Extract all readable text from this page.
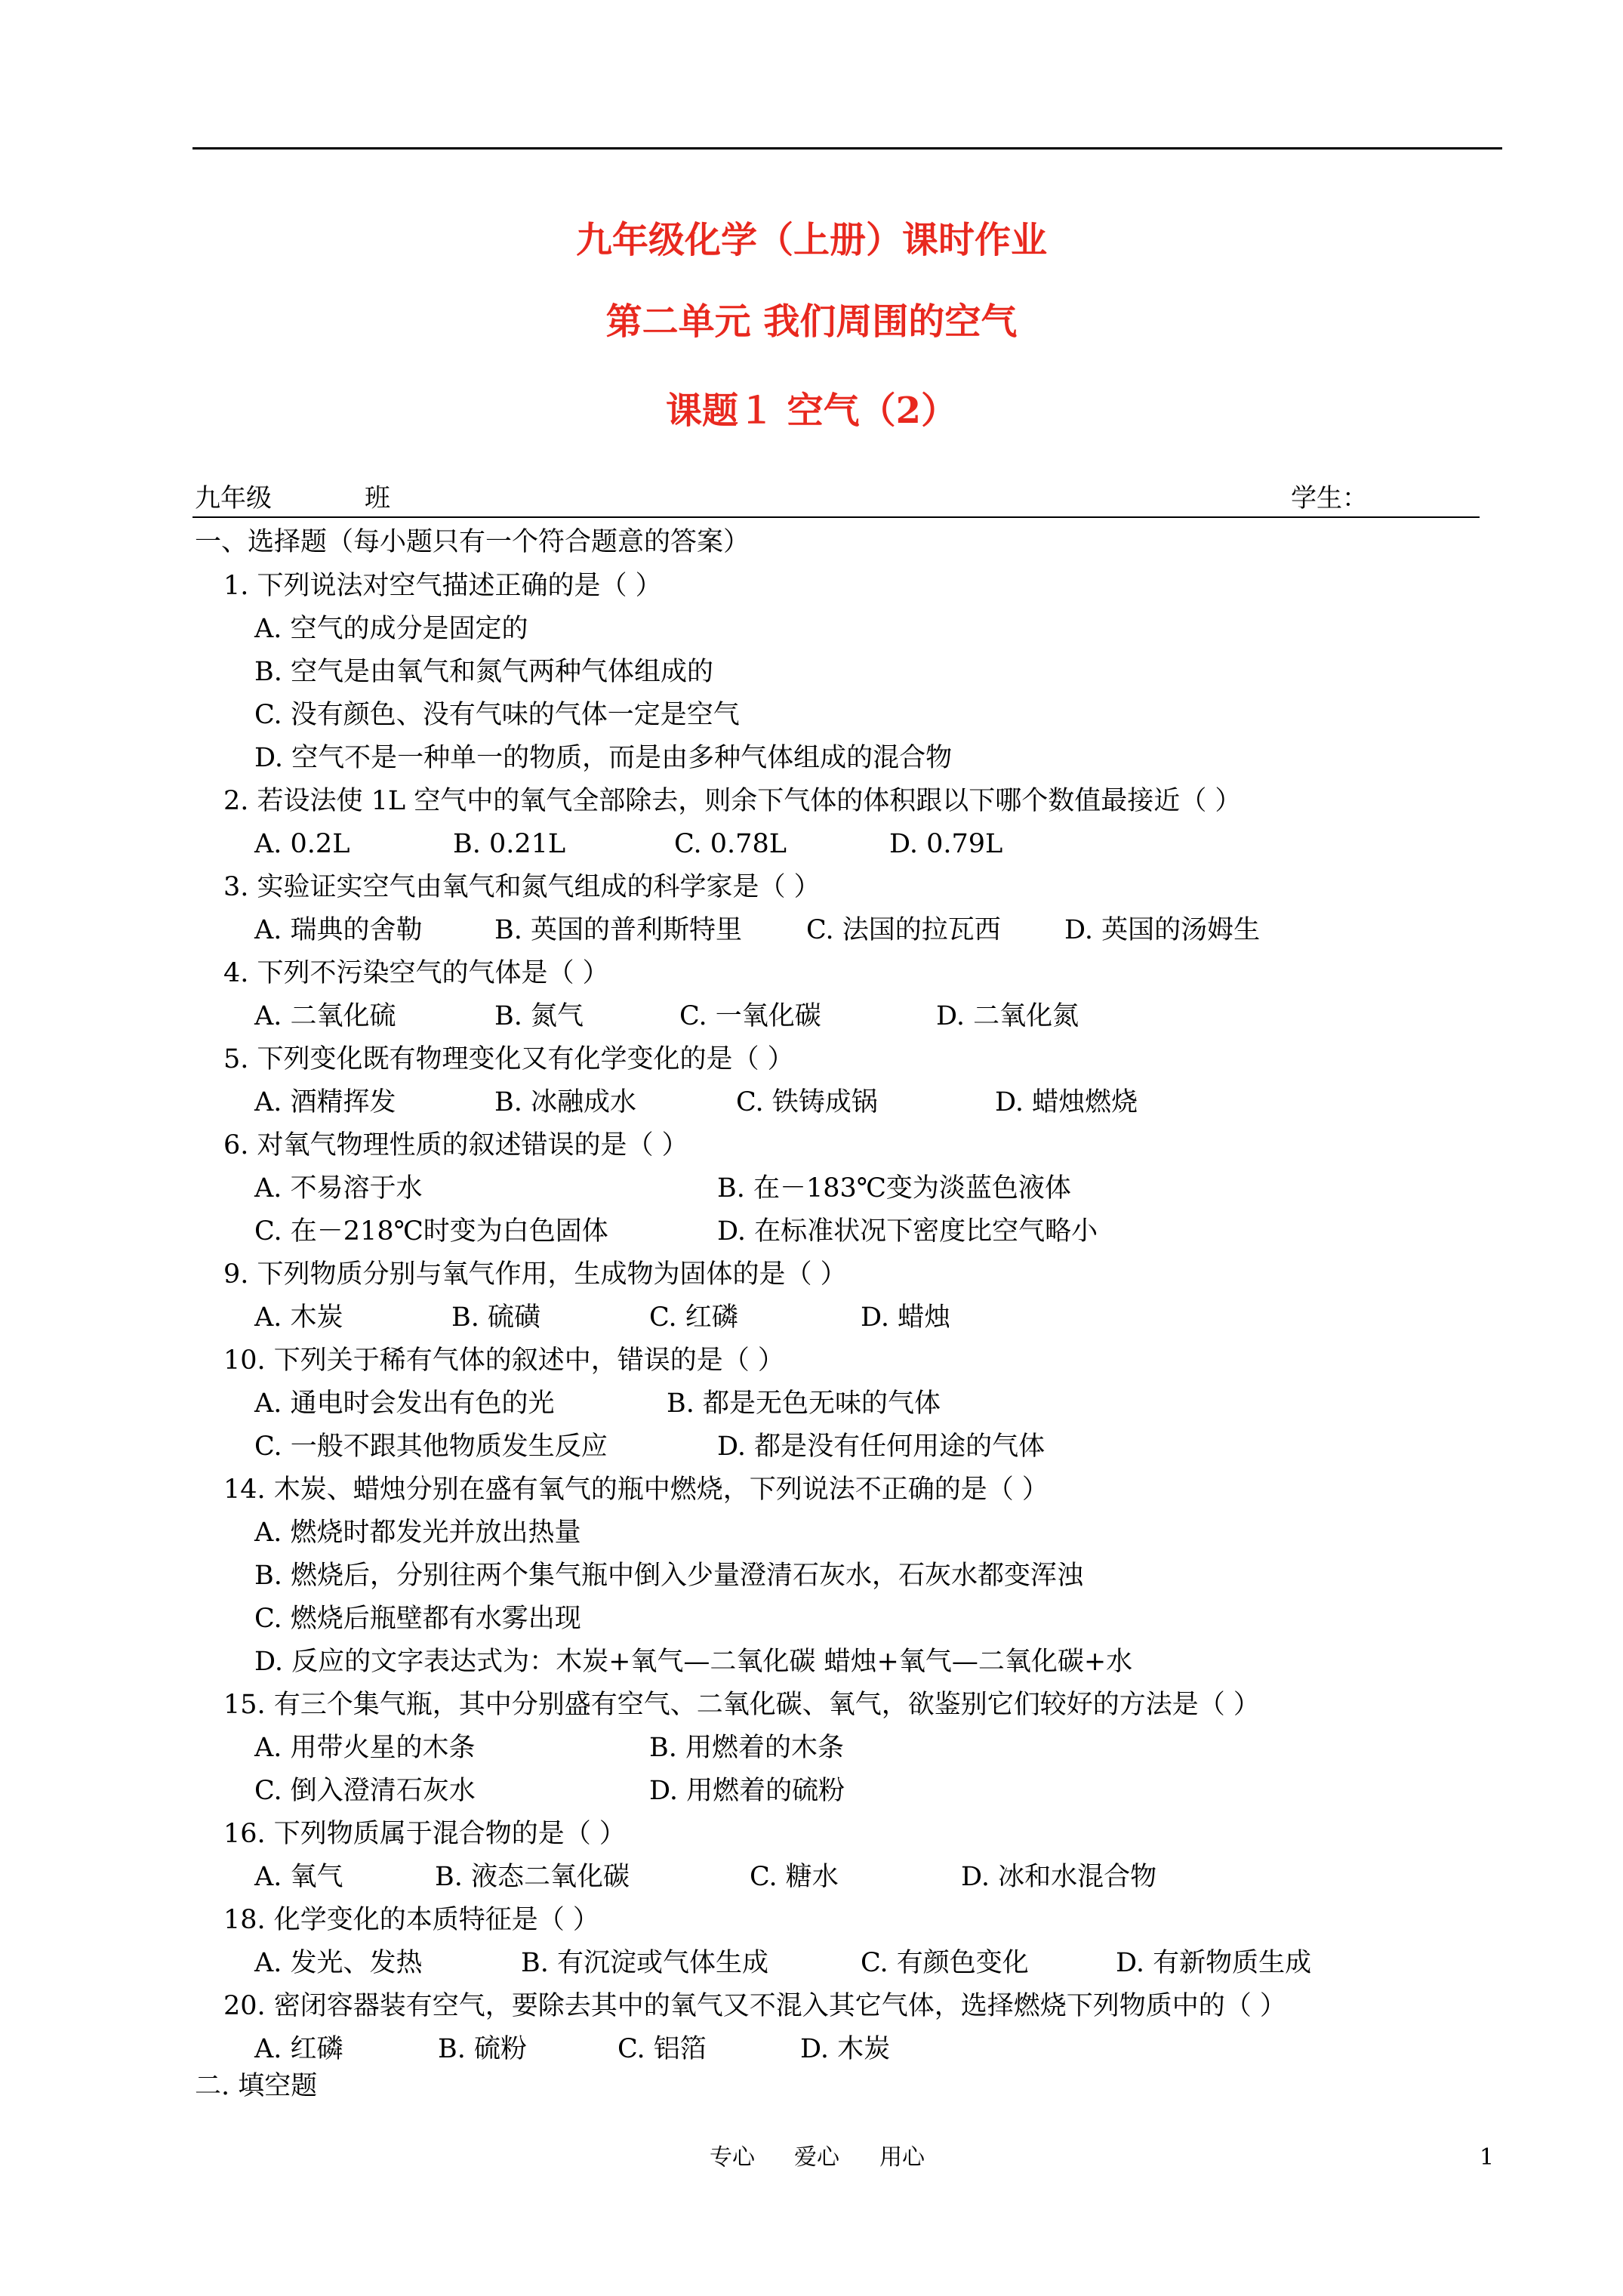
九年级化学（上册）课时作业
第二单元 我们周围的空气
课题１ 空气（2）
九年级	班	学生：
一、选择题（每小题只有一个符合题意的答案）
1. 下列说法对空气描述正确的是（ ）
A. 空气的成分是固定的
B. 空气是由氧气和氮气两种气体组成的
C. 没有颜色、没有气味的气体一定是空气
D. 空气不是一种单一的物质，而是由多种气体组成的混合物
2. 若设法使 1L 空气中的氧气全部除去，则余下气体的体积跟以下哪个数值最接近（ ）
A. 0.2L	B. 0.21L	C. 0.78L	D. 0.79L
3. 实验证实空气由氧气和氮气组成的科学家是（ ）
A. 瑞典的舍勒	B. 英国的普利斯特里 C. 法国的拉瓦西 D. 英国的汤姆生
4. 下列不污染空气的气体是（ ）
A. 二氧化硫	B. 氮气	C. 一氧化碳	D. 二氧化氮
5. 下列变化既有物理变化又有化学变化的是（ ）
A. 酒精挥发	B. 冰融成水	C. 铁铸成锅	D. 蜡烛燃烧
6. 对氧气物理性质的叙述错误的是（ ）
A. 不易溶于水	B. 在－183℃变为淡蓝色液体
C. 在－218℃时变为白色固体	D. 在标准状况下密度比空气略小
9. 下列物质分别与氧气作用，生成物为固体的是（ ）
A. 木炭	B. 硫磺	C. 红磷	D. 蜡烛
10. 下列关于稀有气体的叙述中，错误的是（ ）
A. 通电时会发出有色的光	B. 都是无色无味的气体
C. 一般不跟其他物质发生反应	D. 都是没有任何用途的气体
14. 木炭、蜡烛分别在盛有氧气的瓶中燃烧，下列说法不正确的是（ ）
A. 燃烧时都发光并放出热量
B. 燃烧后，分别往两个集气瓶中倒入少量澄清石灰水，石灰水都变浑浊
C. 燃烧后瓶壁都有水雾出现
D. 反应的文字表达式为：木炭+氧气—二氧化碳 蜡烛+氧气—二氧化碳+水
15. 有三个集气瓶，其中分别盛有空气、二氧化碳、氧气，欲鉴别它们较好的方法是（ ）
A. 用带火星的木条	B. 用燃着的木条
C. 倒入澄清石灰水	D. 用燃着的硫粉
16. 下列物质属于混合物的是（ ）
A. 氧气	B. 液态二氧化碳	C. 糖水	D. 冰和水混合物
18. 化学变化的本质特征是（ ）
A. 发光、发热	B. 有沉淀或气体生成	C. 有颜色变化	D. 有新物质生成
20. 密闭容器装有空气，要除去其中的氧气又不混入其它气体，选择燃烧下列物质中的（ ）
A. 红磷	B. 硫粉	C. 铝箔	D. 木炭
二. 填空题
专心 爱心 用心	1
